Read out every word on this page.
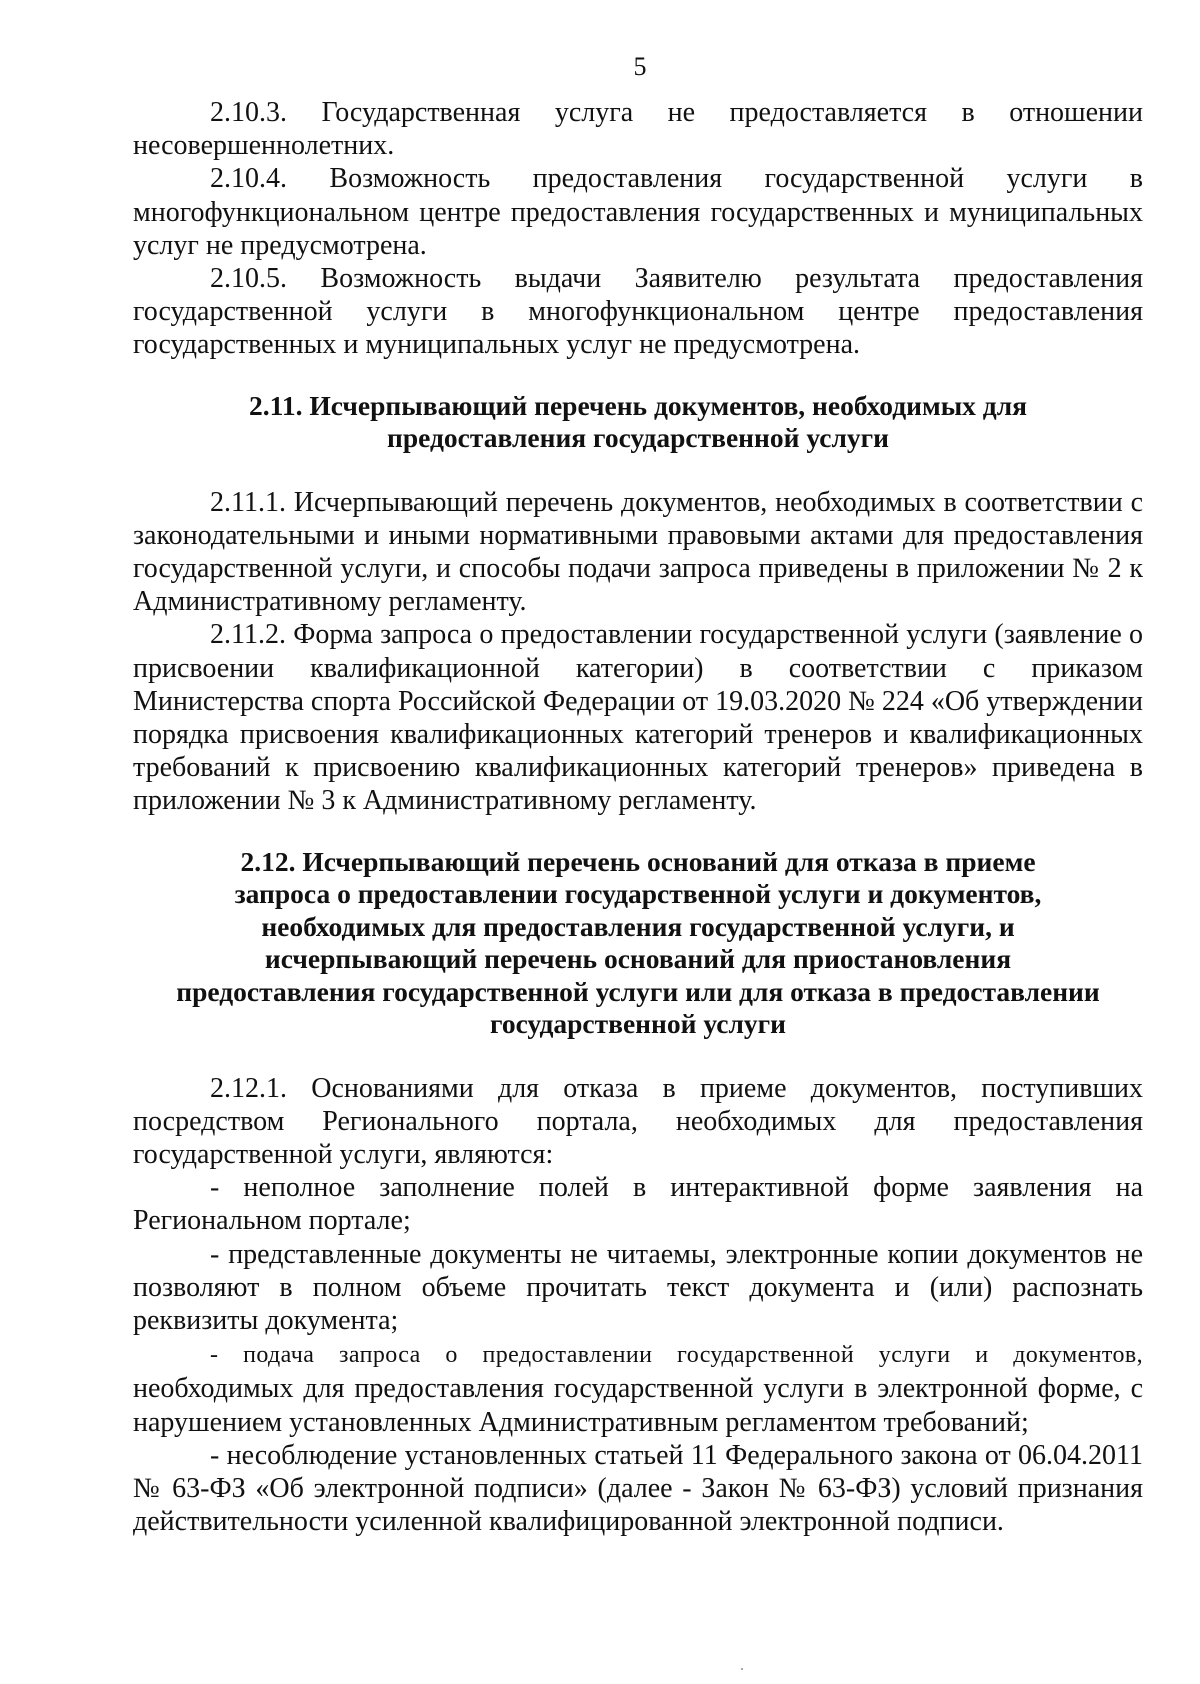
5

2.10.3. Государственная услуга не предоставляется в отношении несовершеннолетних.

2.10.4. Возможность предоставления государственной услуги в многофункциональном центре предоставления государственных и муниципальных услуг не предусмотрена.

2.10.5. Возможность выдачи Заявителю результата предоставления государственной услуги в многофункциональном центре предоставления государственных и муниципальных услуг не предусмотрена.

2.11. Исчерпывающий перечень документов, необходимых для
предоставления государственной услуги

2.11.1. Исчерпывающий перечень документов, необходимых в соответствии с законодательными и иными нормативными правовыми актами для предоставления государственной услуги, и способы подачи запроса приведены в приложении № 2 к Административному регламенту.

2.11.2. Форма запроса о предоставлении государственной услуги (заявление о присвоении квалификационной категории) в соответствии с приказом Министерства спорта Российской Федерации от 19.03.2020 № 224 «Об утверждении порядка присвоения квалификационных категорий тренеров и квалификационных требований к присвоению квалификационных категорий тренеров» приведена в приложении № 3 к Административному регламенту.

2.12. Исчерпывающий перечень оснований для отказа в приеме
запроса о предоставлении государственной услуги и документов,
необходимых для предоставления государственной услуги, и
исчерпывающий перечень оснований для приостановления
предоставления государственной услуги или для отказа в предоставлении
государственной услуги

2.12.1. Основаниями для отказа в приеме документов, поступивших посредством Регионального портала, необходимых для предоставления государственной услуги, являются:

- неполное заполнение полей в интерактивной форме заявления на Региональном портале;

- представленные документы не читаемы, электронные копии документов не позволяют в полном объеме прочитать текст документа и (или) распознать реквизиты документа;

- подача запроса о предоставлении государственной услуги и документов, необходимых для предоставления государственной услуги в электронной форме, с нарушением установленных Административным регламентом требований;

- несоблюдение установленных статьей 11 Федерального закона от 06.04.2011 № 63-ФЗ «Об электронной подписи» (далее - Закон № 63-ФЗ) условий признания действительности усиленной квалифицированной электронной подписи.
